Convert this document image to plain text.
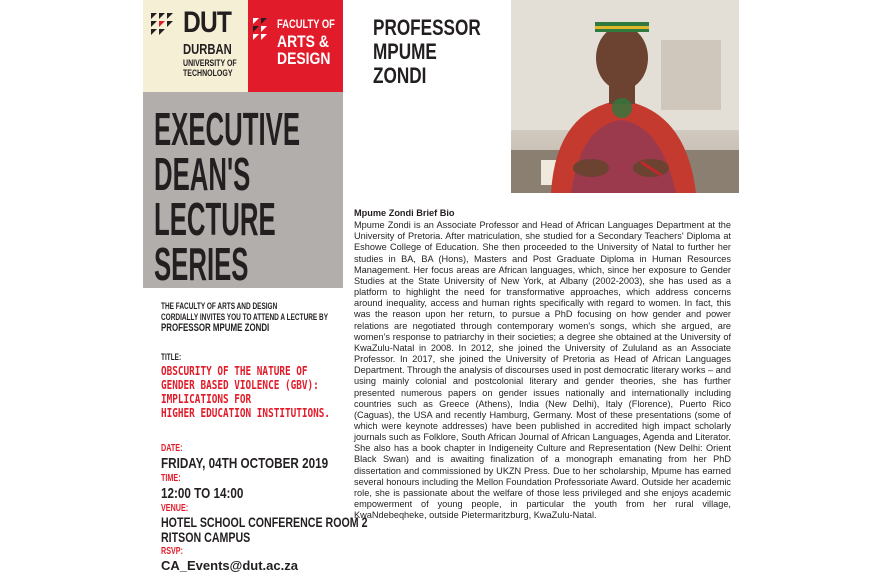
DUT
DURBAN
UNIVERSITY OF TECHNOLOGY
FACULTY OF
ARTS &
DESIGN
EXECUTIVE
DEAN'S
LECTURE
SERIES
THE FACULTY OF ARTS AND DESIGN
CORDIALLY INVITES YOU TO ATTEND A LECTURE BY
PROFESSOR MPUME ZONDI
TITLE:
OBSCURITY OF THE NATURE OF
GENDER BASED VIOLENCE (GBV):
IMPLICATIONS FOR
HIGHER EDUCATION INSTITUTIONS.
DATE:
FRIDAY, 04TH OCTOBER 2019
TIME:
12:00 TO 14:00
VENUE:
HOTEL SCHOOL CONFERENCE ROOM 2
RITSON CAMPUS
RSVP:
CA_Events@dut.ac.za
PROFESSOR
MPUME
ZONDI
Mpume Zondi Brief Bio

Mpume Zondi is an Associate Professor and Head of African Languages Department at the University of Pretoria. After matriculation, she studied for a Secondary Teachers' Diploma at Eshowe College of Education. She then proceeded to the University of Natal to further her studies in BA, BA (Hons), Masters and Post Graduate Diploma in Human Resources Management. Her focus areas are African languages, which, since her exposure to Gender Studies at the State University of New York, at Albany (2002-2003), she has used as a platform to highlight the need for transformative approaches, which address concerns around inequality, access and human rights specifically with regard to women. In fact, this was the reason upon her return, to pursue a PhD focusing on how gender and power relations are negotiated through contemporary women's songs, which she argued, are women's response to patriarchy in their societies; a degree she obtained at the University of KwaZulu-Natal in 2008. In 2012, she joined the University of Zululand as an Associate Professor. In 2017, she joined the University of Pretoria as Head of African Languages Department. Through the analysis of discourses used in post democratic literary works – and using mainly colonial and postcolonial literary and gender theories, she has further presented numerous papers on gender issues nationally and internationally including countries such as Greece (Athens), India (New Delhi), Italy (Florence), Puerto Rico (Caguas), the USA and recently Hamburg, Germany. Most of these presentations (some of which were keynote addresses) have been published in accredited high impact scholarly journals such as Folklore, South African Journal of African Languages, Agenda and Literator. She also has a book chapter in Indigeneity Culture and Representation (New Delhi: Orient Black Swan) and is awaiting finalization of a monograph emanating from her PhD dissertation and commissioned by UKZN Press. Due to her scholarship, Mpume has earned several honours including the Mellon Foundation Professoriate Award. Outside her academic role, she is passionate about the welfare of those less privileged and she enjoys academic empowerment of young people, in particular the youth from her rural village, KwaNdebeqheke, outside Pietermaritzburg, KwaZulu-Natal.
